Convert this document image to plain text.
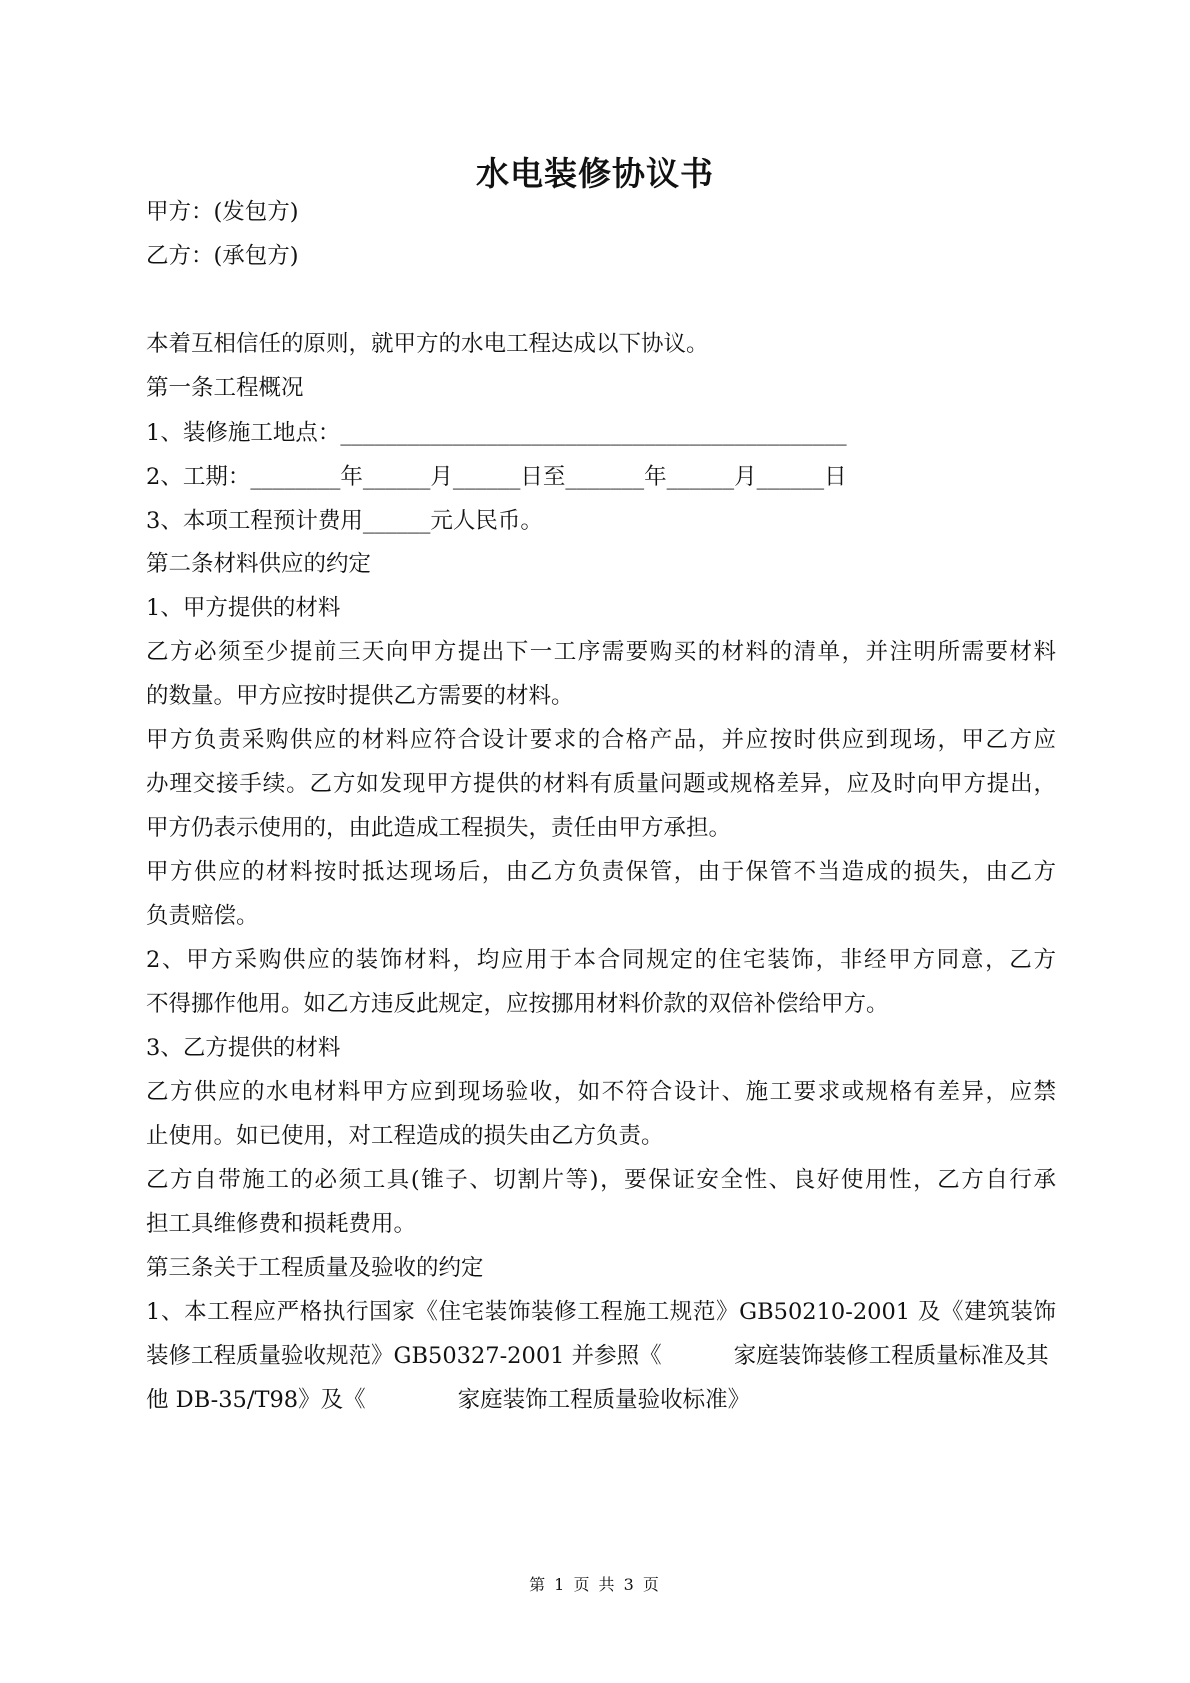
水电装修协议书
甲方：(发包方)
乙方：(承包方)
本着互相信任的原则，就甲方的水电工程达成以下协议。
第一条工程概况
1、装修施工地点：_____________________________________________
2、工期：________年______月______日至_______年______月______日
3、本项工程预计费用______元人民币。
第二条材料供应的约定
1、甲方提供的材料
乙方必须至少提前三天向甲方提出下一工序需要购买的材料的清单，并注明所需要材料
的数量。甲方应按时提供乙方需要的材料。
甲方负责采购供应的材料应符合设计要求的合格产品，并应按时供应到现场，甲乙方应
办理交接手续。乙方如发现甲方提供的材料有质量问题或规格差异，应及时向甲方提出，
甲方仍表示使用的，由此造成工程损失，责任由甲方承担。
甲方供应的材料按时抵达现场后，由乙方负责保管，由于保管不当造成的损失，由乙方
负责赔偿。
2、甲方采购供应的装饰材料，均应用于本合同规定的住宅装饰，非经甲方同意，乙方
不得挪作他用。如乙方违反此规定，应按挪用材料价款的双倍补偿给甲方。
3、乙方提供的材料
乙方供应的水电材料甲方应到现场验收，如不符合设计、施工要求或规格有差异，应禁
止使用。如已使用，对工程造成的损失由乙方负责。
乙方自带施工的必须工具(锥子、切割片等)，要保证安全性、良好使用性，乙方自行承
担工具维修费和损耗费用。
第三条关于工程质量及验收的约定
1、本工程应严格执行国家《住宅装饰装修工程施工规范》GB50210-2001 及《建筑装饰
装修工程质量验收规范》GB50327-2001 并参照《	家庭装饰装修工程质量标准及其
他 DB-35/T98》及《	家庭装饰工程质量验收标准》
第 1 页 共 3 页
